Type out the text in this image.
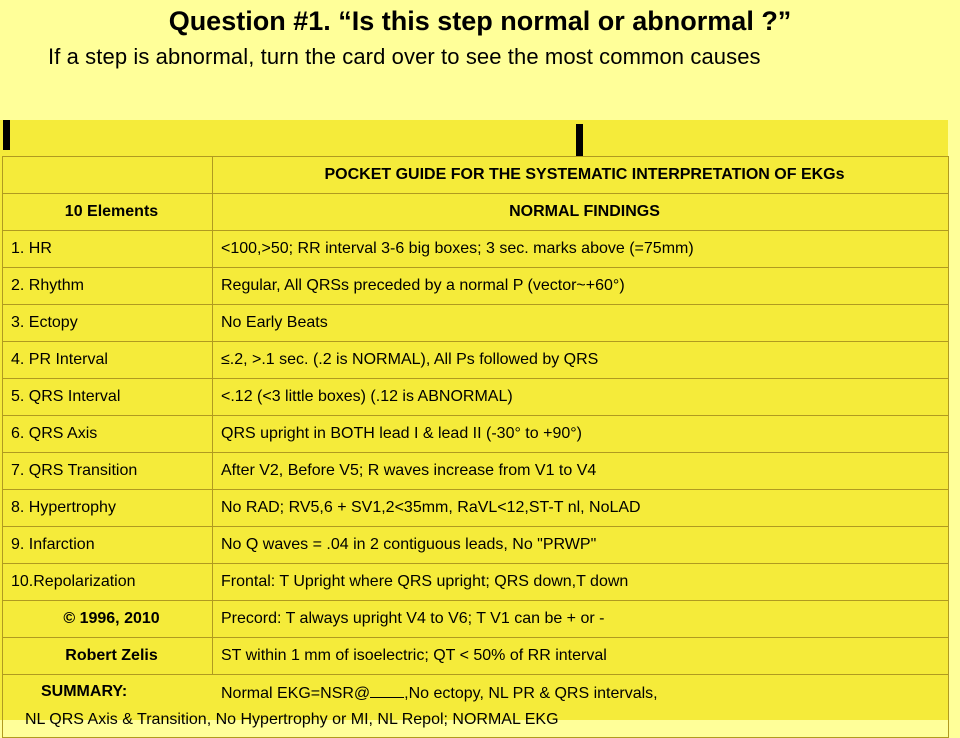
Question #1. “Is this step normal or abnormal ?”
If a step is abnormal, turn the card over to see the most common causes
	POCKET GUIDE FOR THE SYSTEMATIC INTERPRETATION OF EKGs
10 Elements	NORMAL FINDINGS
1. HR	<100,>50; RR interval 3-6 big boxes; 3 sec. marks above (=75mm)
2. Rhythm	Regular, All QRSs preceded by a normal P (vector~+60°)
3. Ectopy	No Early Beats
4. PR Interval	≤.2, >.1 sec. (.2 is NORMAL), All Ps followed by QRS
5. QRS Interval	<.12 (<3 little boxes) (.12 is ABNORMAL)
6. QRS Axis	QRS upright in BOTH lead I & lead II (-30° to +90°)
7. QRS Transition	After V2, Before V5; R waves increase from V1 to V4
8. Hypertrophy	No RAD; RV5,6 + SV1,2<35mm, RaVL<12,ST-T nl, NoLAD
9. Infarction	No Q waves = .04 in 2 contiguous leads, No "PRWP"
10.Repolarization	Frontal: T Upright where QRS upright; QRS down,T down
© 1996, 2010	Precord: T always upright V4 to V6; T V1 can be + or -
Robert Zelis	ST within 1 mm of isoelectric; QT < 50% of RR interval

SUMMARY: Normal EKG=NSR@ ,No ectopy, NL PR & QRS intervals,
NL QRS Axis & Transition, No Hypertrophy or MI, NL Repol; NORMAL EKG	
